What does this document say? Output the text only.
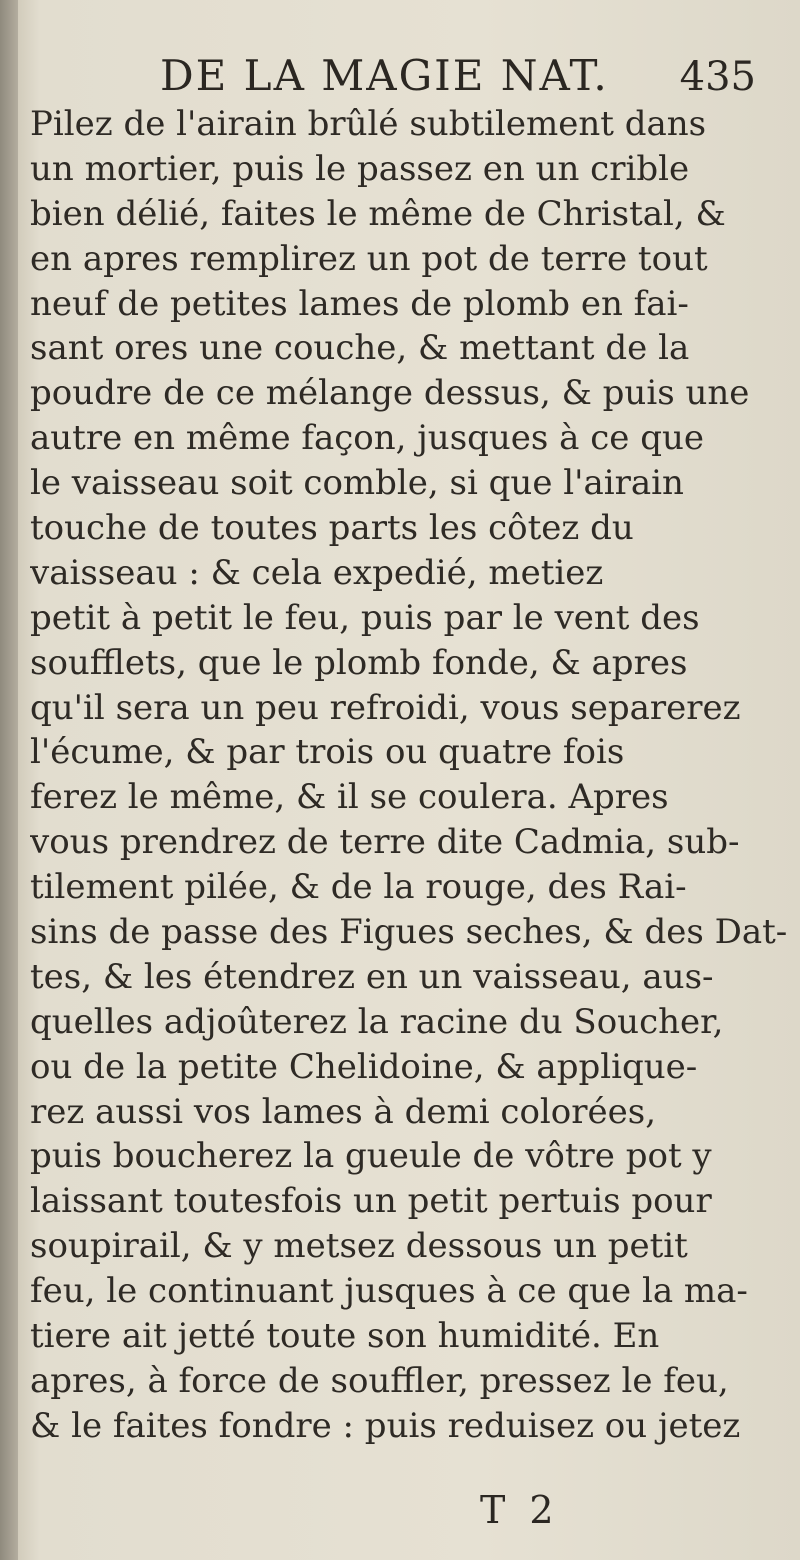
DE LA MAGIE NAT. 435
Pilez de l'airain brûlé subtilement dans
un mortier, puis le passez en un crible
bien délié, faites le même de Christal, &
en apres remplirez un pot de terre tout
neuf de petites lames de plomb en fai-
sant ores une couche, & mettant de la
poudre de ce mélange dessus, & puis une
autre en même façon, jusques à ce que
le vaisseau soit comble, si que l'airain
touche de toutes parts les côtez du
vaisseau : & cela expedié, metiez
petit à petit le feu, puis par le vent des
soufflets, que le plomb fonde, & apres
qu'il sera un peu refroidi, vous separerez
l'écume, & par trois ou quatre fois
ferez le même, & il se coulera. Apres
vous prendrez de terre dite Cadmia, sub-
tilement pilée, & de la rouge, des Rai-
sins de passe des Figues seches, & des Dat-
tes, & les étendrez en un vaisseau, aus-
quelles adjoûterez la racine du Soucher,
ou de la petite Chelidoine, & applique-
rez aussi vos lames à demi colorées,
puis boucherez la gueule de vôtre pot y
laissant toutesfois un petit pertuis pour
soupirail, & y metsez dessous un petit
feu, le continuant jusques à ce que la ma-
tiere ait jetté toute son humidité. En
apres, à force de souffler, pressez le feu,
& le faites fondre : puis reduisez ou jetez
T 2
